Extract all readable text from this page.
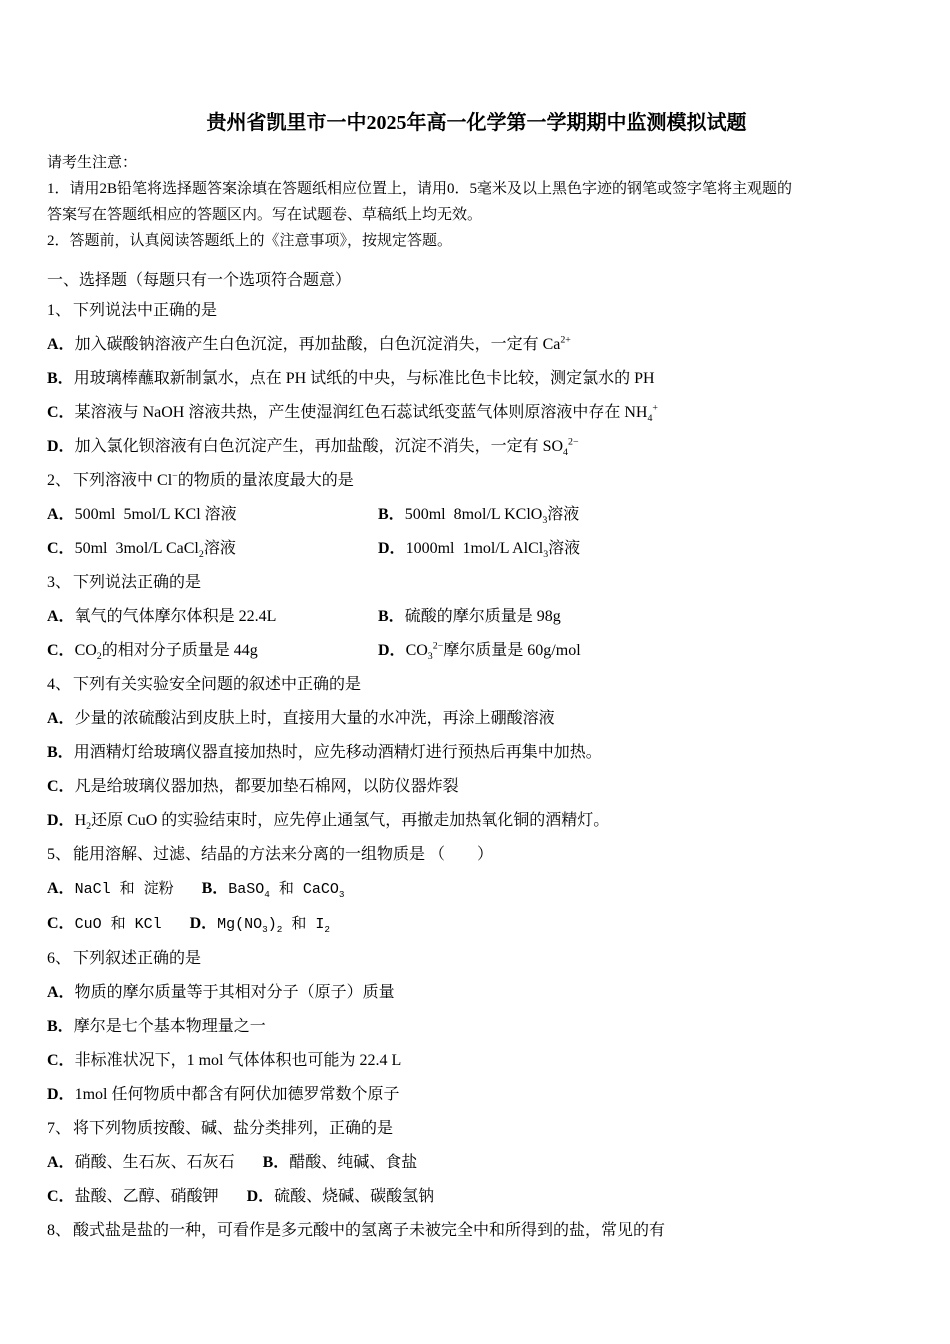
贵州省凯里市一中2025年高一化学第一学期期中监测模拟试题

请考生注意：

1．请用2B铅笔将选择题答案涂填在答题纸相应位置上，请用0．5毫米及以上黑色字迹的钢笔或签字笔将主观题的

答案写在答题纸相应的答题区内。写在试题卷、草稿纸上均无效。

2．答题前，认真阅读答题纸上的《注意事项》，按规定答题。

一、选择题（每题只有一个选项符合题意）

1、 下列说法中正确的是

A．加入碳酸钠溶液产生白色沉淀，再加盐酸，白色沉淀消失，一定有 $Ca^{2+}$

B．用玻璃棒蘸取新制氯水，点在 PH 试纸的中央，与标准比色卡比较，测定氯水的 PH

C．某溶液与 NaOH 溶液共热，产生使湿润红色石蕊试纸变蓝气体则原溶液中存在 $NH_4^+$

D．加入氯化钡溶液有白色沉淀产生，再加盐酸，沉淀不消失，一定有 $SO_4^{2-}$

2、 下列溶液中 Cl−的物质的量浓度最大的是

A．500ml  5mol/L KCl 溶液	B．500ml  8mol/L KClO$_3$溶液
C．50ml  3mol/L CaCl$_2$溶液	D．1000ml  1mol/L AlCl$_3$溶液

3、 下列说法正确的是

A．氧气的气体摩尔体积是 22.4L	B．硫酸的摩尔质量是 98g
C．$CO_2$的相对分子质量是 44g	D．$CO_3^{2-}$摩尔质量是 60g/mol

4、 下列有关实验安全问题的叙述中正确的是

A．少量的浓硫酸沾到皮肤上时，直接用大量的水冲洗，再涂上硼酸溶液

B．用酒精灯给玻璃仪器直接加热时，应先移动酒精灯进行预热后再集中加热。

C．凡是给玻璃仪器加热，都要加垫石棉网，以防仪器炸裂

D．$H_2$还原 CuO 的实验结束时，应先停止通氢气，再撤走加热氧化铜的酒精灯。

5、 能用溶解、过滤、结晶的方法来分离的一组物质是 （　　）

A．NaCl 和 淀粉 B．BaSO$_4$ 和 CaCO$_3$

C．CuO 和 KCl D．$Mg(NO_3)_2$ 和 $I_2$

6、 下列叙述正确的是

A．物质的摩尔质量等于其相对分子（原子）质量

B．摩尔是七个基本物理量之一

C．非标准状况下，1 mol 气体体积也可能为 22.4 L

D．1mol 任何物质中都含有阿伏加德罗常数个原子

7、 将下列物质按酸、碱、盐分类排列，正确的是

A．硝酸、生石灰、石灰石 B．醋酸、纯碱、食盐

C．盐酸、乙醇、硝酸钾 D．硫酸、烧碱、碳酸氢钠

8、 酸式盐是盐的一种，可看作是多元酸中的氢离子未被完全中和所得到的盐，常见的有
